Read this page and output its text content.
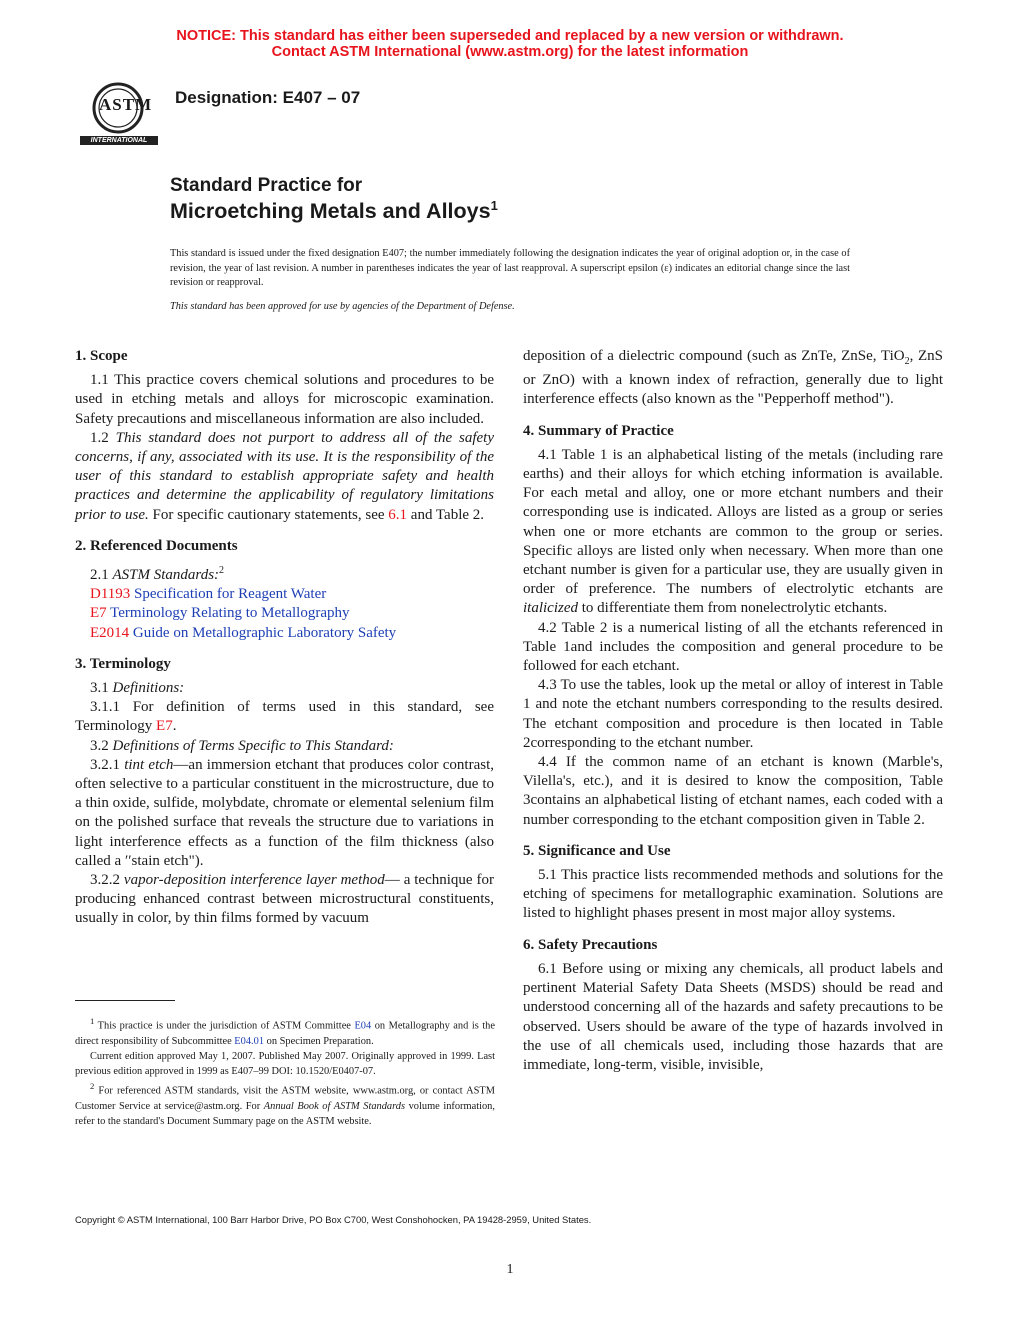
NOTICE: This standard has either been superseded and replaced by a new version or withdrawn.
Contact ASTM International (www.astm.org) for the latest information
ASTM
INTERNATIONAL
Designation: E407 – 07
Standard Practice for
Microetching Metals and Alloys$^1$
This standard is issued under the fixed designation E407; the number immediately following the designation indicates the year of original adoption or, in the case of revision, the year of last revision. A number in parentheses indicates the year of last reapproval. A superscript epsilon (ε) indicates an editorial change since the last revision or reapproval.
This standard has been approved for use by agencies of the Department of Defense.

1. Scope

1.1 This practice covers chemical solutions and procedures to be used in etching metals and alloys for microscopic examination. Safety precautions and miscellaneous information are also included.

1.2 This standard does not purport to address all of the safety concerns, if any, associated with its use. It is the responsibility of the user of this standard to establish appropriate safety and health practices and determine the applicability of regulatory limitations prior to use. For specific cautionary statements, see 6.1 and Table 2.

2. Referenced Documents

2.1 ASTM Standards:$^2$

D1193 Specification for Reagent Water

E7 Terminology Relating to Metallography

E2014 Guide on Metallographic Laboratory Safety

3. Terminology

3.1 Definitions:

3.1.1 For definition of terms used in this standard, see Terminology E7.

3.2 Definitions of Terms Specific to This Standard:

3.2.1 tint etch—an immersion etchant that produces color contrast, often selective to a particular constituent in the microstructure, due to a thin oxide, sulfide, molybdate, chromate or elemental selenium film on the polished surface that reveals the structure due to variations in light interference effects as a function of the film thickness (also called a ′′stain etch").

3.2.2 vapor-deposition interference layer method— a technique for producing enhanced contrast between microstructural constituents, usually in color, by thin films formed by vacuum

$^1$ This practice is under the jurisdiction of ASTM Committee E04 on Metallography and is the direct responsibility of Subcommittee E04.01 on Specimen Preparation.

Current edition approved May 1, 2007. Published May 2007. Originally approved in 1999. Last previous edition approved in 1999 as E407–99 DOI: 10.1520/E0407-07.

$^2$ For referenced ASTM standards, visit the ASTM website, www.astm.org, or contact ASTM Customer Service at service@astm.org. For Annual Book of ASTM Standards volume information, refer to the standard's Document Summary page on the ASTM website.

deposition of a dielectric compound (such as ZnTe, ZnSe, TiO$_2$, ZnS or ZnO) with a known index of refraction, generally due to light interference effects (also known as the "Pepperhoff method").

4. Summary of Practice

4.1 Table 1 is an alphabetical listing of the metals (including rare earths) and their alloys for which etching information is available. For each metal and alloy, one or more etchant numbers and their corresponding use is indicated. Alloys are listed as a group or series when one or more etchants are common to the group or series. Specific alloys are listed only when necessary. When more than one etchant number is given for a particular use, they are usually given in order of preference. The numbers of electrolytic etchants are italicized to differentiate them from nonelectrolytic etchants.

4.2 Table 2 is a numerical listing of all the etchants referenced in Table 1and includes the composition and general procedure to be followed for each etchant.

4.3 To use the tables, look up the metal or alloy of interest in Table 1 and note the etchant numbers corresponding to the results desired. The etchant composition and procedure is then located in Table 2corresponding to the etchant number.

4.4 If the common name of an etchant is known (Marble's, Vilella's, etc.), and it is desired to know the composition, Table 3contains an alphabetical listing of etchant names, each coded with a number corresponding to the etchant composition given in Table 2.

5. Significance and Use

5.1 This practice lists recommended methods and solutions for the etching of specimens for metallographic examination. Solutions are listed to highlight phases present in most major alloy systems.

6. Safety Precautions

6.1 Before using or mixing any chemicals, all product labels and pertinent Material Safety Data Sheets (MSDS) should be read and understood concerning all of the hazards and safety precautions to be observed. Users should be aware of the type of hazards involved in the use of all chemicals used, including those hazards that are immediate, long-term, visible, invisible,

Copyright © ASTM International, 100 Barr Harbor Drive, PO Box C700, West Conshohocken, PA 19428-2959, United States.
1
